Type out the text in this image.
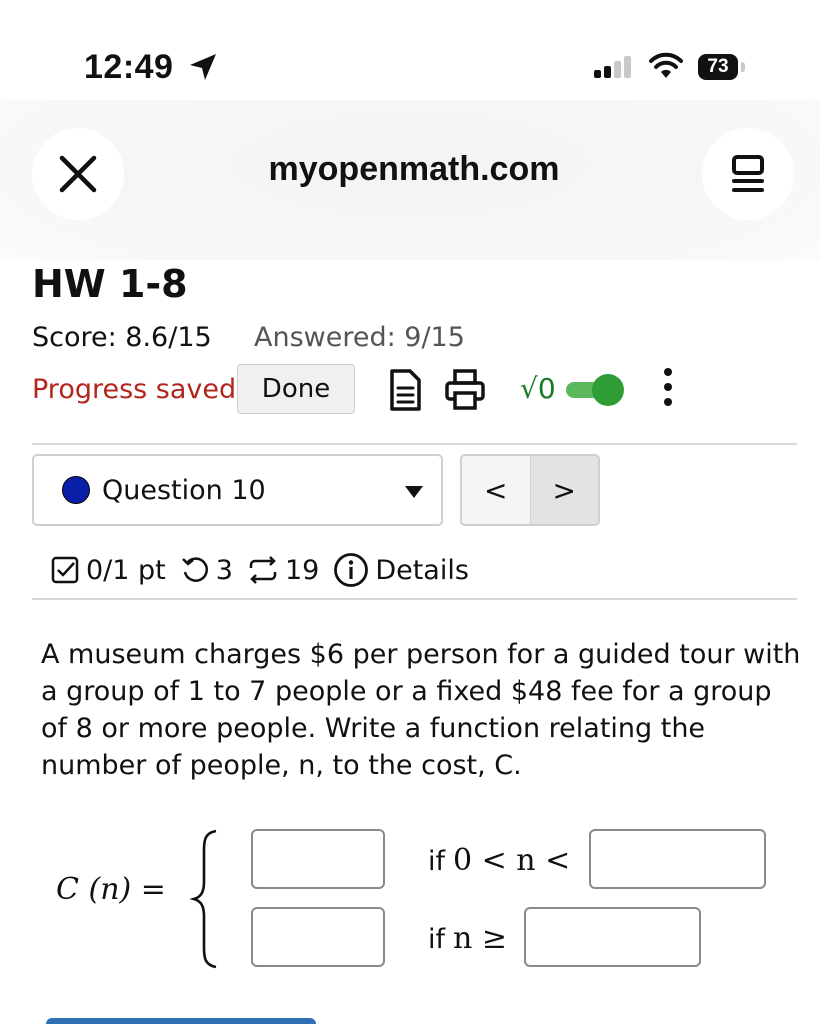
12:49	73
myopenmath.com
HW 1-8
Score: 8.6/15 Answered: 9/15
Progress saved Done	√0
Question 10	<	>
0/1 pt 3 19 Details
A museum charges $6 per person for a guided tour with a group of 1 to 7 people or a fixed $48 fee for a group of 8 or more people. Write a function relating the number of people, n, to the cost, C.
C (n) =
if 0 < n <
if n ≥
